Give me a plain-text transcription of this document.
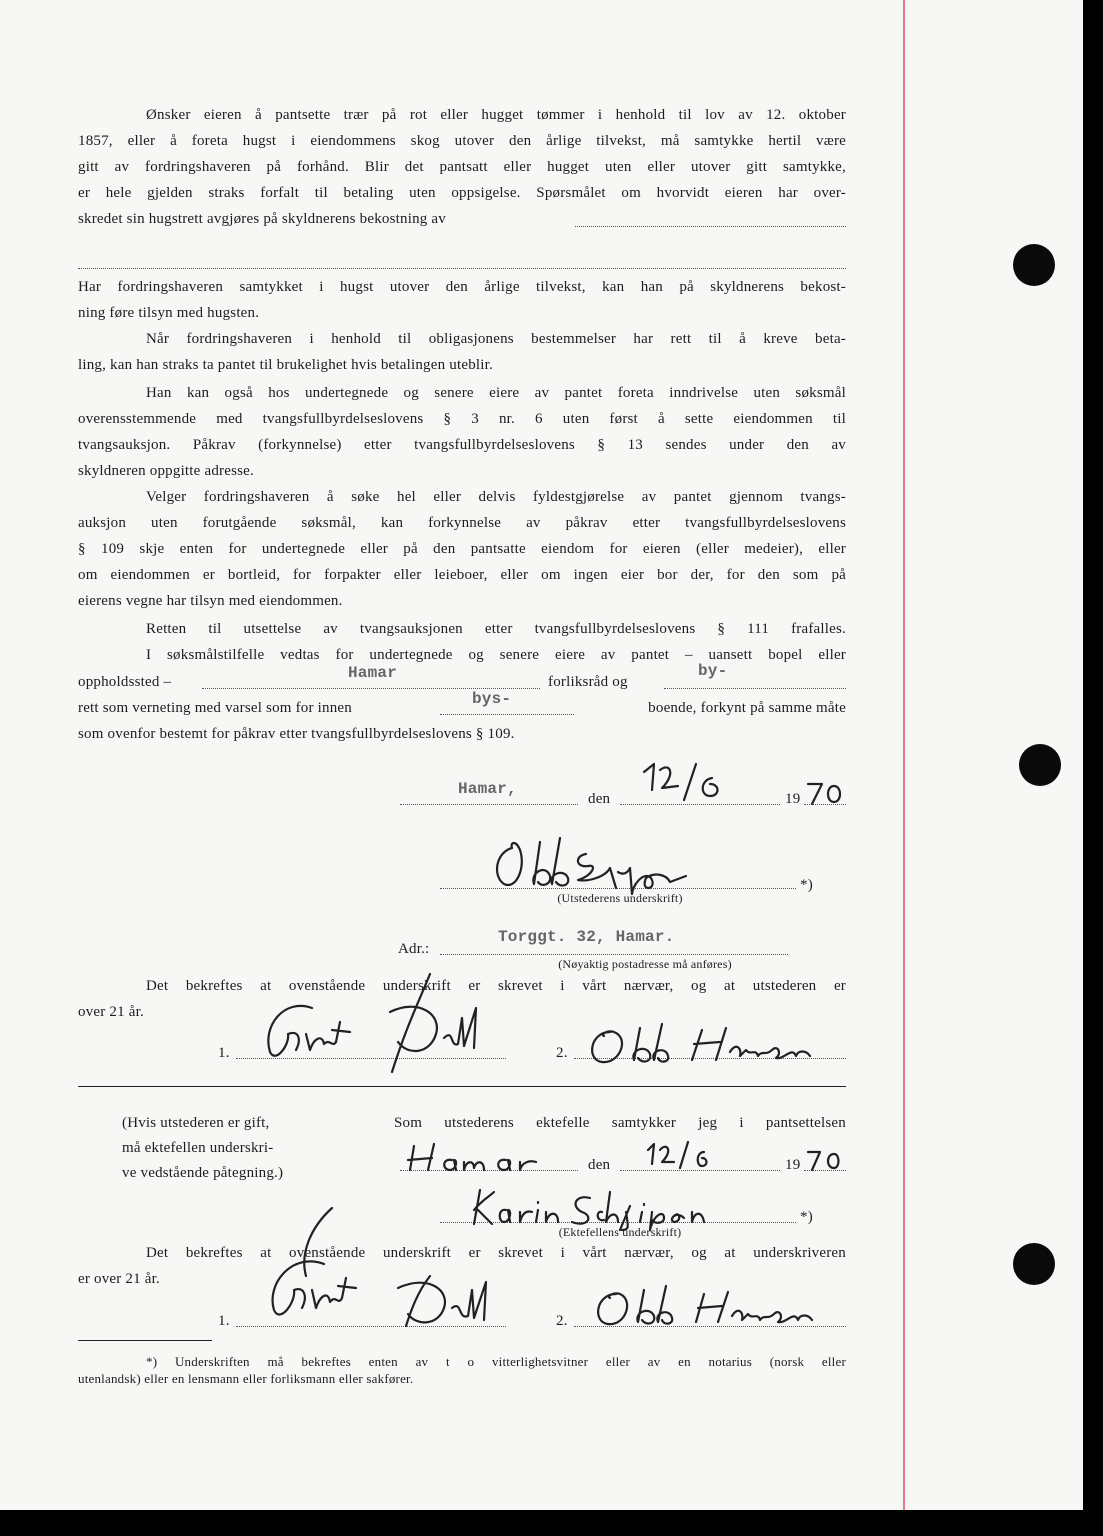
Ønsker eieren å pantsette trær på rot eller hugget tømmer i henhold til lov av 12. oktober
1857, eller å foreta hugst i eiendommens skog utover den årlige tilvekst, må samtykke hertil være
gitt av fordringshaveren på forhånd. Blir det pantsatt eller hugget uten eller utover gitt samtykke,
er hele gjelden straks forfalt til betaling uten oppsigelse. Spørsmålet om hvorvidt eieren har over-
skredet sin hugstrett avgjøres på skyldnerens bekostning av
Har fordringshaveren samtykket i hugst utover den årlige tilvekst, kan han på skyldnerens bekost-
ning føre tilsyn med hugsten.
Når fordringshaveren i henhold til obligasjonens bestemmelser har rett til å kreve beta-
ling, kan han straks ta pantet til brukelighet hvis betalingen uteblir.
Han kan også hos undertegnede og senere eiere av pantet foreta inndrivelse uten søksmål
overensstemmende med tvangsfullbyrdelseslovens § 3 nr. 6 uten først å sette eiendommen til
tvangsauksjon. Påkrav (forkynnelse) etter tvangsfullbyrdelseslovens § 13 sendes under den av
skyldneren oppgitte adresse.
Velger fordringshaveren å søke hel eller delvis fyldestgjørelse av pantet gjennom tvangs-
auksjon uten forutgående søksmål, kan forkynnelse av påkrav etter tvangsfullbyrdelseslovens
§ 109 skje enten for undertegnede eller på den pantsatte eiendom for eieren (eller medeier), eller
om eiendommen er bortleid, for forpakter eller leieboer, eller om ingen eier bor der, for den som på
eierens vegne har tilsyn med eiendommen.
Retten til utsettelse av tvangsauksjonen etter tvangsfullbyrdelseslovens § 111 frafalles.
I søksmålstilfelle vedtas for undertegnede og senere eiere av pantet – uansett bopel eller
oppholdssted –	Hamar	forliksråd og
by-
rett som verneting med varsel som for innen	bys-	boende, forkynt på samme måte
som ovenfor bestemt for påkrav etter tvangsfullbyrdelseslovens § 109.
Hamar,
den	19
*)
(Utstederens underskrift)
Adr.:
Torggt. 32, Hamar.
(Nøyaktig postadresse må anføres)
Det bekreftes at ovenstående underskrift er skrevet i vårt nærvær, og at utstederen er
over 21 år.
1.	2.
(Hvis utstederen er gift,
må ektefellen underskri-
ve vedstående påtegning.)
Som utstederens ektefelle samtykker jeg i pantsettelsen
den	19
*)
(Ektefellens underskrift)
Det bekreftes at ovenstående underskrift er skrevet i vårt nærvær, og at underskriveren
er over 21 år.
1.	2.
*) Underskriften må bekreftes enten av t o vitterlighetsvitner eller av en notarius (norsk eller
utenlandsk) eller en lensmann eller forliksmann eller sakfører.
